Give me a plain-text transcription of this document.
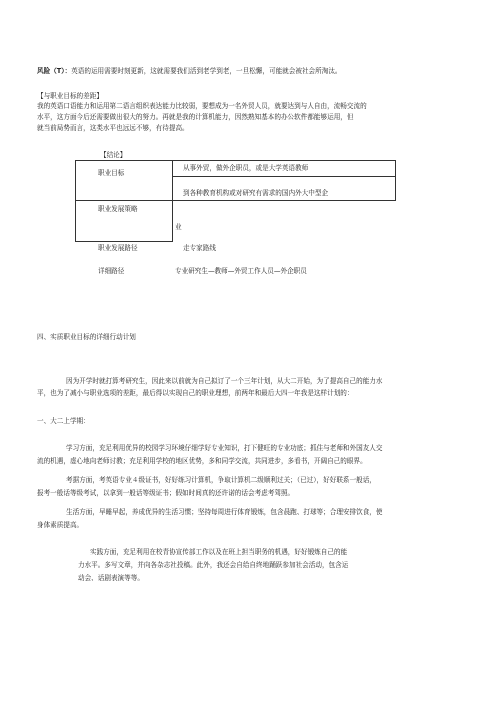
风险（T）：英语的运用需要时刻更新，这就需要我们活到老学到老，一旦松懈，可能就会被社会所淘汰。
【与职业目标的差距】
我的英语口语能力和运用第二语言组织表达能力比较弱，要想成为一名外贸人员，就要达到与人自由，流畅交流的
水平，这方面今后还需要做出很大的努力。再就是我的计算机能力，因然熟知基本的办公软件都能够运用，但
就当前局势而言，这类水平也远远不够，有待提高。
【结论】
职业目标
从事外贸，做外企职员，或是大学英语教师
职业发展策略
到各种教育机构或对研究有需求的国内外大中型企
业
职业发展路径	走专家路线
详细路径	专业研究生—教师—外贸工作人员—外企职员
四、实质职业目标的详细行动计划
因为开学时就打算考研究生，因此来以前就为自己拟订了一个三年计划，从大二开始，为了提高自己的能力水
平，也为了减小与职业选项的差距，最后得以实现自己的职业理想，前两年和最后大四一年我是这样计划的：
一、大二上学期：
学习方面，充足利用优异的校园学习环境仔细学好专业知识，打下健旺的专业功底；抓住与老师和外国友人交
流的机遇，虚心地向老师讨教；充足利用学校的地区优势，多和同学交流，共同进步，多看书，开阔自己的眼界。
考据方面，考英语专业４级证书，好好练习计算机，争取计算机二级顺利过关；（已过），好好联系一般话，
报考一般话等级考试，以拿到一般话等级证书；假如时间真的还许诺的话会考虑考驾照。
生活方面，早睡早起，养成优异的生活习惯；坚持每周进行体育锻炼，包含晨跑、打球等；合理安排饮食，使
身体素质提高。
实践方面，充足利用在校青协宣传部工作以及在班上担当职务的机遇，好好锻炼自己的能
力水平。多写文章，并向各杂志社投稿。此外，我还会自给自终地踊跃参加社会活动，包含运
动会、话剧表演等等。
